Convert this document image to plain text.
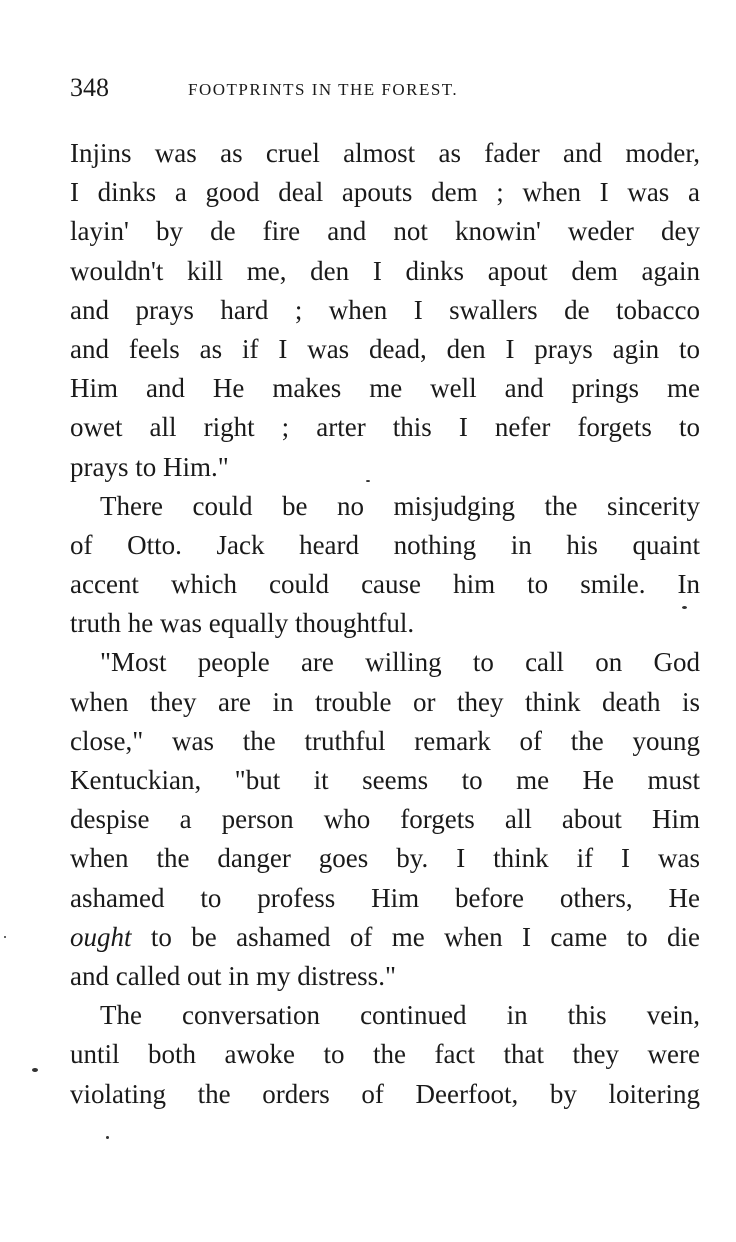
348	FOOTPRINTS IN THE FOREST.
Injins was as cruel almost as fader and moder,
I dinks a good deal apouts dem ; when I was a
layin' by de fire and not knowin' weder dey
wouldn't kill me, den I dinks apout dem again
and prays hard ; when I swallers de tobacco
and feels as if I was dead, den I prays agin to
Him and He makes me well and prings me
owet all right ; arter this I nefer forgets to
prays to Him."
There could be no misjudging the sincerity
of Otto. Jack heard nothing in his quaint
accent which could cause him to smile. In
truth he was equally thoughtful.
"Most people are willing to call on God
when they are in trouble or they think death is
close," was the truthful remark of the young
Kentuckian, "but it seems to me He must
despise a person who forgets all about Him
when the danger goes by. I think if I was
ashamed to profess Him before others, He
ought to be ashamed of me when I came to die
and called out in my distress."
The conversation continued in this vein,
until both awoke to the fact that they were
violating the orders of Deerfoot, by loitering
